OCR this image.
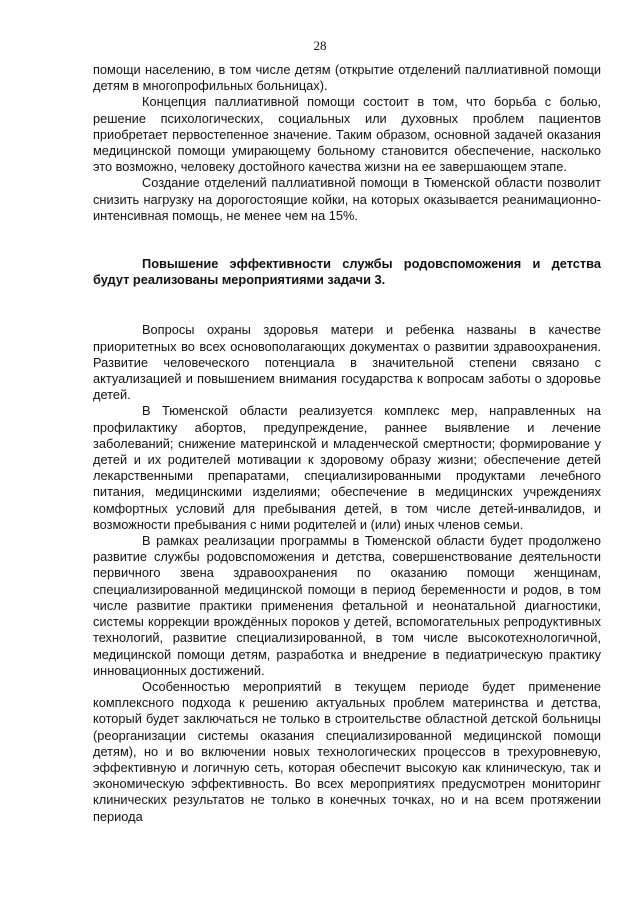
28

помощи населению, в том числе детям (открытие отделений паллиативной помощи детям в многопрофильных больницах).

Концепция паллиативной помощи состоит в том, что борьба с болью, решение психологических, социальных или духовных проблем пациентов приобретает первостепенное значение. Таким образом, основной задачей оказания медицинской помощи умирающему больному становится обеспечение, насколько это возможно, человеку достойного качества жизни на ее завершающем этапе.

Создание отделений паллиативной помощи в Тюменской области позволит снизить нагрузку на дорогостоящие койки, на которых оказывается реанимационно-интенсивная помощь, не менее чем на 15%.

Повышение эффективности службы родовспоможения и детства будут реализованы мероприятиями задачи 3.

Вопросы охраны здоровья матери и ребенка названы в качестве приоритетных во всех основополагающих документах о развитии здравоохранения. Развитие человеческого потенциала в значительной степени связано с актуализацией и повышением внимания государства к вопросам заботы о здоровье детей.

В Тюменской области реализуется комплекс мер, направленных на профилактику абортов, предупреждение, раннее выявление и лечение заболеваний; снижение материнской и младенческой смертности; формирование у детей и их родителей мотивации к здоровому образу жизни; обеспечение детей лекарственными препаратами, специализированными продуктами лечебного питания, медицинскими изделиями; обеспечение в медицинских учреждениях комфортных условий для пребывания детей, в том числе детей-инвалидов, и возможности пребывания с ними родителей и (или) иных членов семьи.

В рамках реализации программы в Тюменской области будет продолжено развитие службы родовспоможения и детства, совершенствование деятельности первичного звена здравоохранения по оказанию помощи женщинам, специализированной медицинской помощи в период беременности и родов, в том числе развитие практики применения фетальной и неонатальной диагностики, системы коррекции врождённых пороков у детей, вспомогательных репродуктивных технологий, развитие специализированной, в том числе высокотехнологичной, медицинской помощи детям, разработка и внедрение в педиатрическую практику инновационных достижений.

Особенностью мероприятий в текущем периоде будет применение комплексного подхода к решению актуальных проблем материнства и детства, который будет заключаться не только в строительстве областной детской больницы (реорганизации системы оказания специализированной медицинской помощи детям), но и во включении новых технологических процессов в трехуровневую, эффективную и логичную сеть, которая обеспечит высокую как клиническую, так и экономическую эффективность. Во всех мероприятиях предусмотрен мониторинг клинических результатов не только в конечных точках, но и на всем протяжении периода
